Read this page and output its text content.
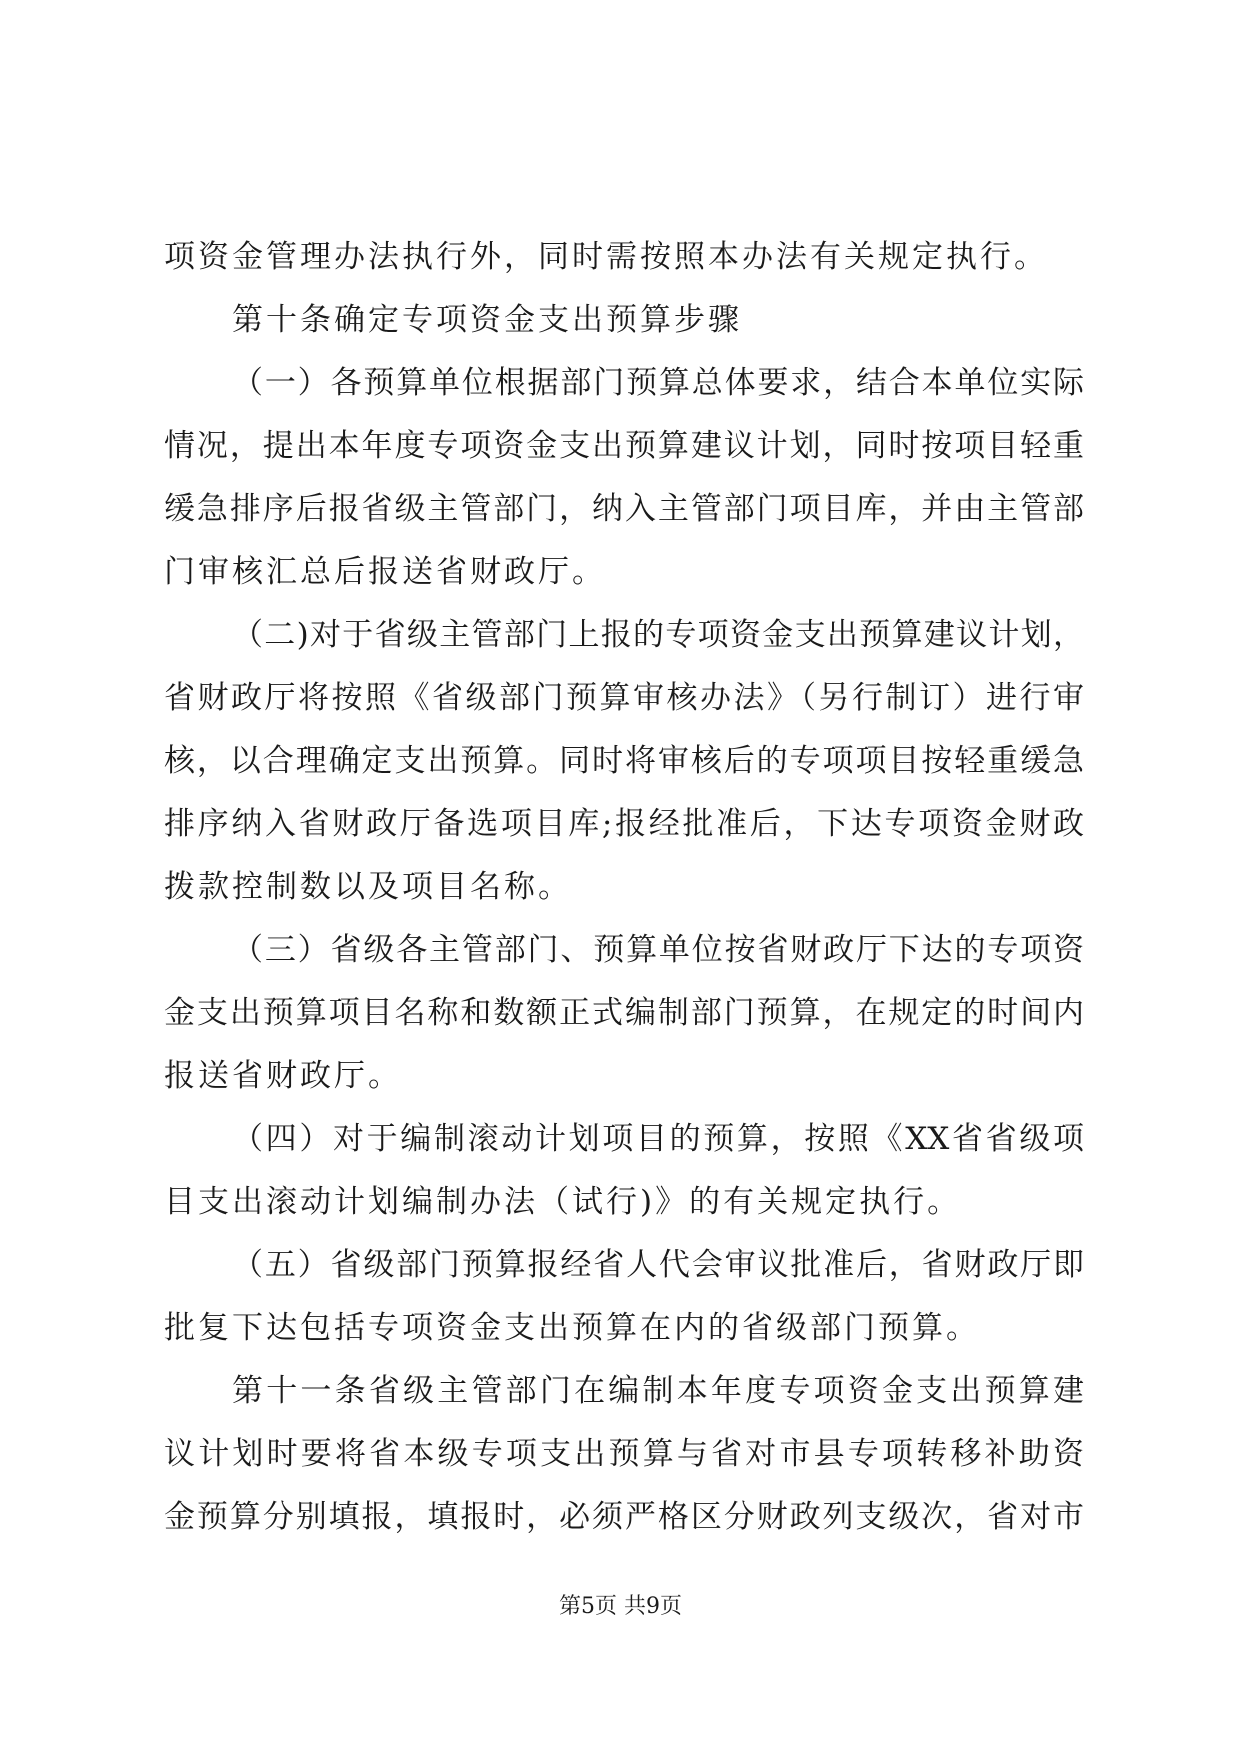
项资金管理办法执行外，同时需按照本办法有关规定执行。
第十条确定专项资金支出预算步骤
（一）各预算单位根据部门预算总体要求，结合本单位实际
情况，提出本年度专项资金支出预算建议计划，同时按项目轻重
缓急排序后报省级主管部门，纳入主管部门项目库，并由主管部
门审核汇总后报送省财政厅。
（二)对于省级主管部门上报的专项资金支出预算建议计划，
省财政厅将按照《省级部门预算审核办法》（另行制订）进行审
核，以合理确定支出预算。同时将审核后的专项项目按轻重缓急
排序纳入省财政厅备选项目库;报经批准后，下达专项资金财政
拨款控制数以及项目名称。
（三）省级各主管部门、预算单位按省财政厅下达的专项资
金支出预算项目名称和数额正式编制部门预算，在规定的时间内
报送省财政厅。
（四）对于编制滚动计划项目的预算，按照《XX省省级项
目支出滚动计划编制办法（试行)》的有关规定执行。
（五）省级部门预算报经省人代会审议批准后，省财政厅即
批复下达包括专项资金支出预算在内的省级部门预算。
第十一条省级主管部门在编制本年度专项资金支出预算建
议计划时要将省本级专项支出预算与省对市县专项转移补助资
金预算分别填报，填报时，必须严格区分财政列支级次，省对市
第5页 共9页
